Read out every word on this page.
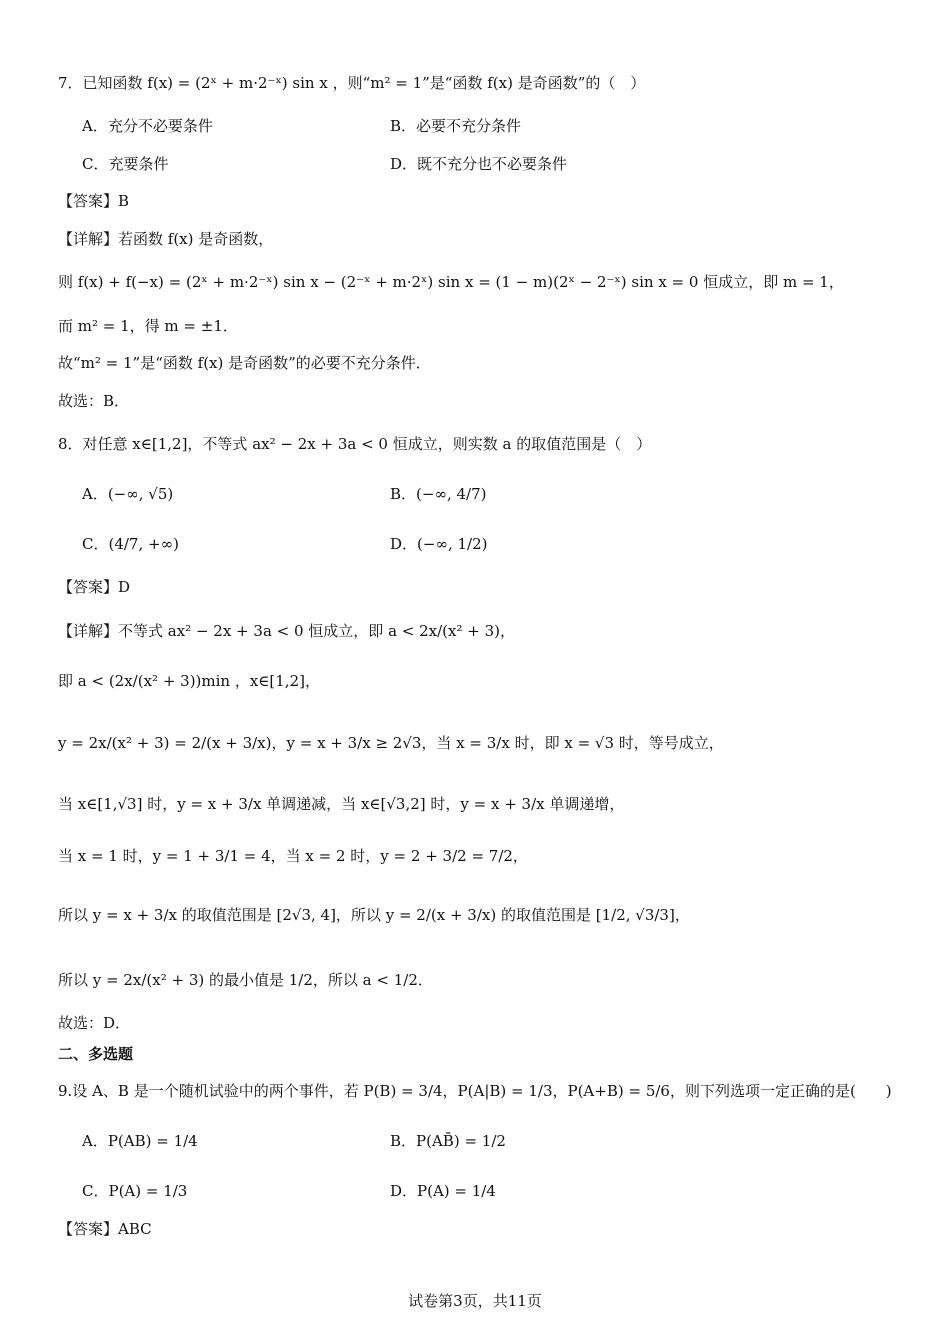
7．已知函数 f(x) = (2ˣ + m·2⁻ˣ) sin x ，则“m² = 1”是“函数 f(x) 是奇函数”的（　）
A．充分不必要条件	B．必要不充分条件
C．充要条件	D．既不充分也不必要条件
【答案】B
【详解】若函数 f(x) 是奇函数，
则 f(x) + f(−x) = (2ˣ + m·2⁻ˣ) sin x − (2⁻ˣ + m·2ˣ) sin x = (1 − m)(2ˣ − 2⁻ˣ) sin x = 0 恒成立，即 m = 1，
而 m² = 1，得 m = ±1．
故“m² = 1”是“函数 f(x) 是奇函数”的必要不充分条件．
故选：B．
8．对任意 x∈[1,2]，不等式 ax² − 2x + 3a < 0 恒成立，则实数 a 的取值范围是（　）
A．(−∞, √5)	B．(−∞, 4/7)
C．(4/7, +∞)	D．(−∞, 1/2)
【答案】D
【详解】不等式 ax² − 2x + 3a < 0 恒成立，即 a < 2x/(x² + 3)，
即 a < (2x/(x² + 3))min ，x∈[1,2]，
y = 2x/(x² + 3) = 2/(x + 3/x)，y = x + 3/x ≥ 2√3，当 x = 3/x 时，即 x = √3 时，等号成立，
当 x∈[1,√3] 时，y = x + 3/x 单调递减，当 x∈[√3,2] 时，y = x + 3/x 单调递增，
当 x = 1 时，y = 1 + 3/1 = 4，当 x = 2 时，y = 2 + 3/2 = 7/2，
所以 y = x + 3/x 的取值范围是 [2√3, 4]，所以 y = 2/(x + 3/x) 的取值范围是 [1/2, √3/3]，
所以 y = 2x/(x² + 3) 的最小值是 1/2，所以 a < 1/2．
故选：D．
二、多选题
9.设 A、B 是一个随机试验中的两个事件，若 P(B) = 3/4，P(A|B) = 1/3，P(A+B) = 5/6，则下列选项一定正确的是(　　)
A．P(AB) = 1/4	B．P(AB̄) = 1/2
C．P(A) = 1/3	D．P(A) = 1/4
【答案】ABC
试卷第3页，共11页
